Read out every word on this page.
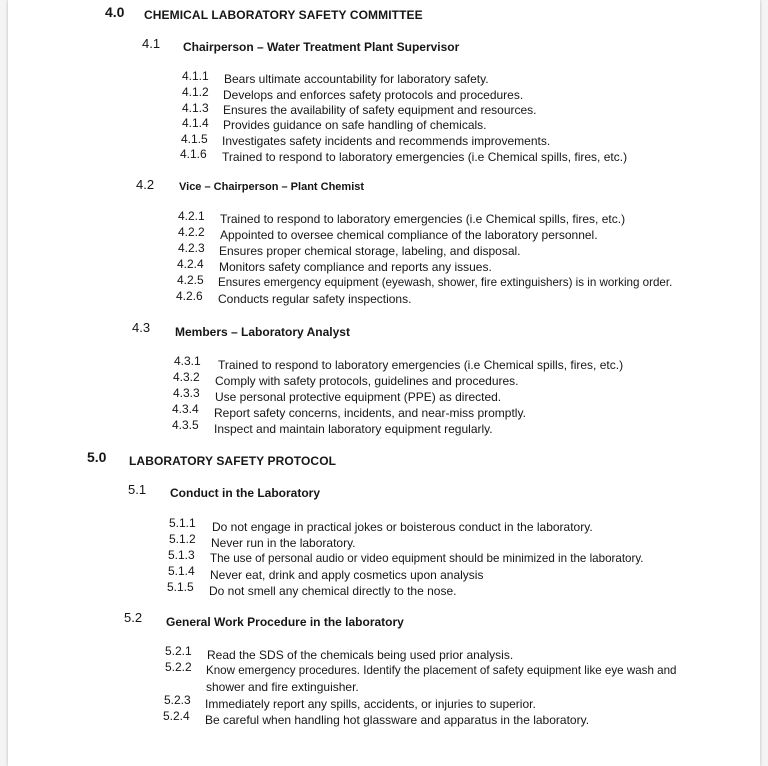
4.0 CHEMICAL LABORATORY SAFETY COMMITTEE
4.1 Chairperson – Water Treatment Plant Supervisor
4.1.1 Bears ultimate accountability for laboratory safety.
4.1.2 Develops and enforces safety protocols and procedures.
4.1.3 Ensures the availability of safety equipment and resources.
4.1.4 Provides guidance on safe handling of chemicals.
4.1.5 Investigates safety incidents and recommends improvements.
4.1.6 Trained to respond to laboratory emergencies (i.e Chemical spills, fires, etc.)
4.2 Vice – Chairperson – Plant Chemist
4.2.1 Trained to respond to laboratory emergencies (i.e Chemical spills, fires, etc.)
4.2.2 Appointed to oversee chemical compliance of the laboratory personnel.
4.2.3 Ensures proper chemical storage, labeling, and disposal.
4.2.4 Monitors safety compliance and reports any issues.
4.2.5 Ensures emergency equipment (eyewash, shower, fire extinguishers) is in working order.
4.2.6 Conducts regular safety inspections.
4.3 Members – Laboratory Analyst
4.3.1 Trained to respond to laboratory emergencies (i.e Chemical spills, fires, etc.)
4.3.2 Comply with safety protocols, guidelines and procedures.
4.3.3 Use personal protective equipment (PPE) as directed.
4.3.4 Report safety concerns, incidents, and near-miss promptly.
4.3.5 Inspect and maintain laboratory equipment regularly.
5.0 LABORATORY SAFETY PROTOCOL
5.1 Conduct in the Laboratory
5.1.1 Do not engage in practical jokes or boisterous conduct in the laboratory.
5.1.2 Never run in the laboratory.
5.1.3 The use of personal audio or video equipment should be minimized in the laboratory.
5.1.4 Never eat, drink and apply cosmetics upon analysis
5.1.5 Do not smell any chemical directly to the nose.
5.2 General Work Procedure in the laboratory
5.2.1 Read the SDS of the chemicals being used prior analysis.
5.2.2 Know emergency procedures. Identify the placement of safety equipment like eye wash and
shower and fire extinguisher.
5.2.3 Immediately report any spills, accidents, or injuries to superior.
5.2.4 Be careful when handling hot glassware and apparatus in the laboratory.
